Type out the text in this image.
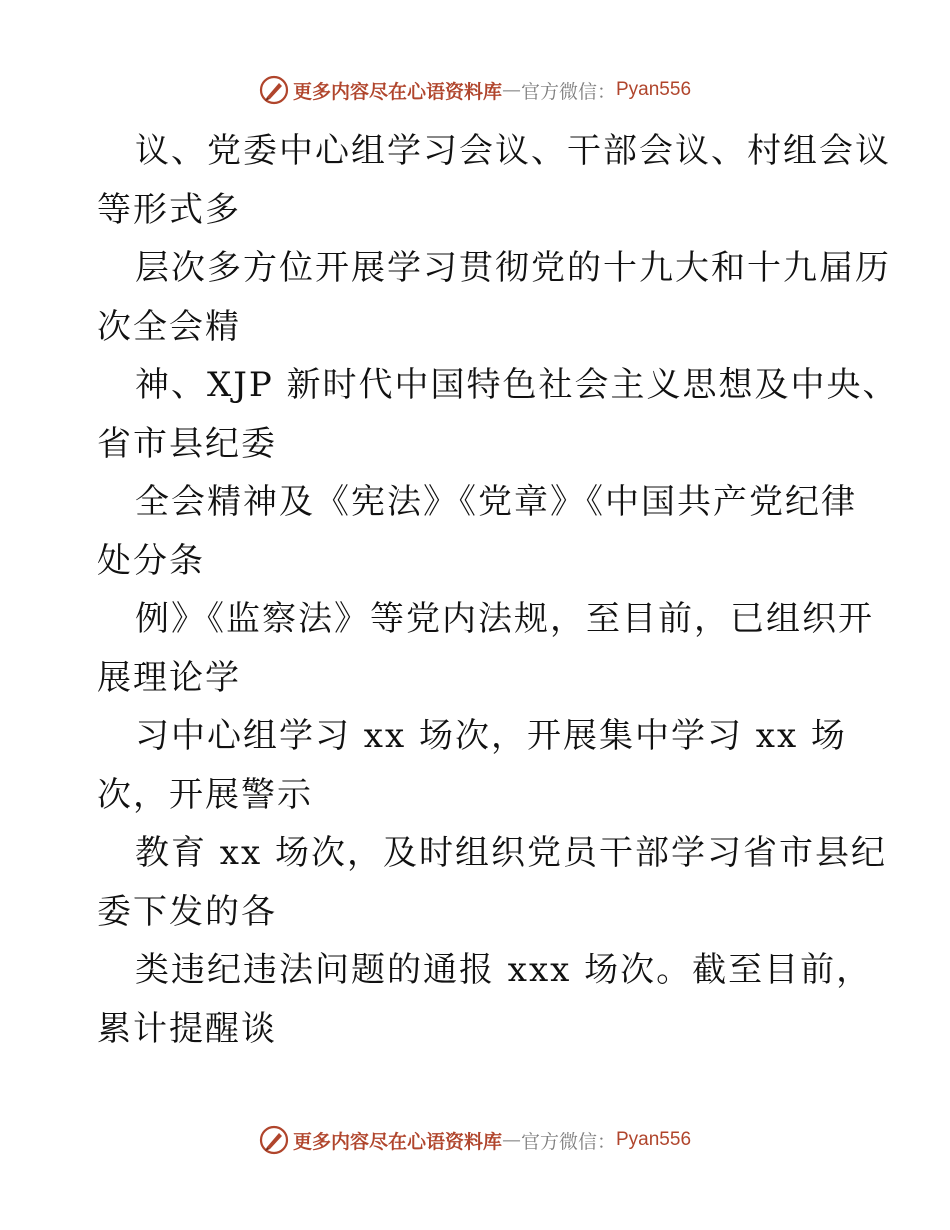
更多内容尽在心语资料库 — 官方微信： Pyan556
议、党委中心组学习会议、干部会议、村组会议
等形式多
层次多方位开展学习贯彻党的十九大和十九届历
次全会精
神、XJP 新时代中国特色社会主义思想及中央、
省市县纪委
全会精神及《宪法》《党章》《中国共产党纪律
处分条
例》《监察法》等党内法规，至目前，已组织开
展理论学
习中心组学习 xx 场次，开展集中学习 xx 场
次，开展警示
教育 xx 场次，及时组织党员干部学习省市县纪
委下发的各
类违纪违法问题的通报 xxx 场次。截至目前，
累计提醒谈
更多内容尽在心语资料库 — 官方微信： Pyan556
